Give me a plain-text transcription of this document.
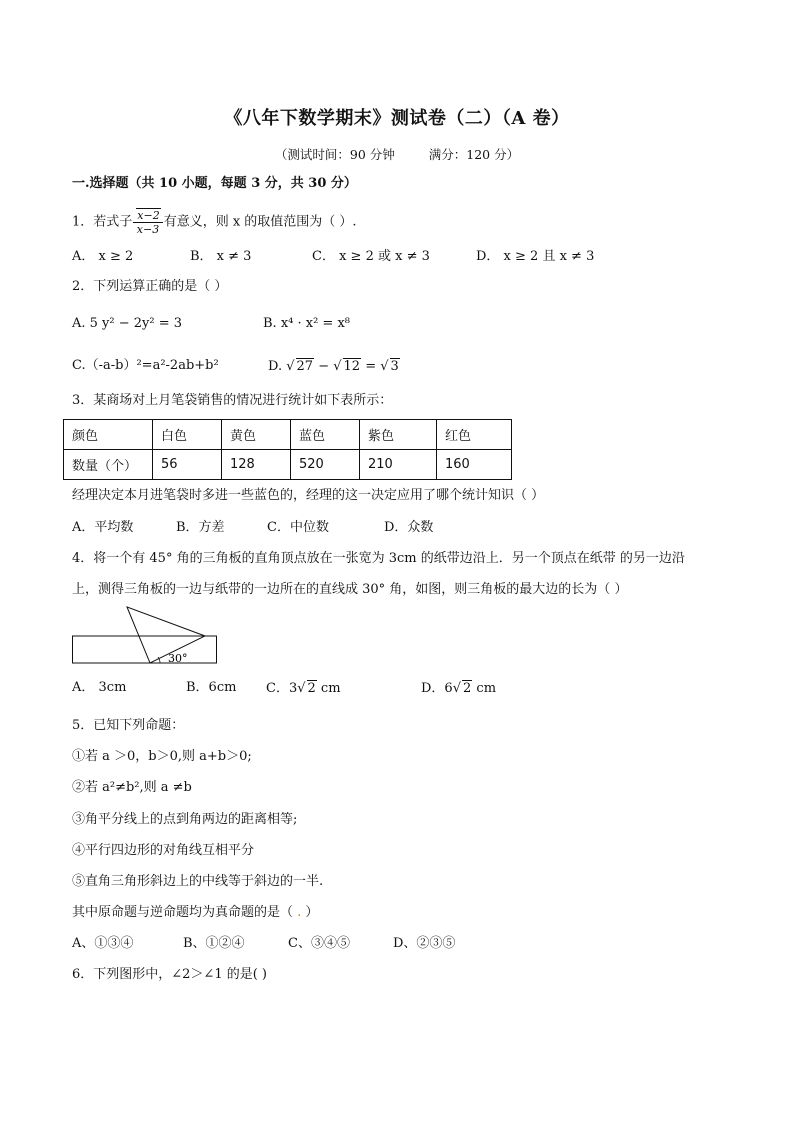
《八年下数学期末》测试卷（二）（A 卷）
（测试时间：90 分钟	满分：120 分）
一.选择题（共 10 小题，每题 3 分，共 30 分）
1．若式子 $\frac{x-2}{x-3}$ 有意义，则 x 的取值范围为（ ）.
A． x ≥ 2	B． x ≠ 3	C． x ≥ 2 或 x ≠ 3	D． x ≥ 2 且 x ≠ 3
2．下列运算正确的是（ ）
A. 5 y² − 2y² = 3	B. x⁴ · x² = x⁸
C.（-a-b）²=a²-2ab+b²	D. √ 27 − √ 12 = √ 3
3．某商场对上月笔袋销售的情况进行统计如下表所示：
颜色	白色	黄色	蓝色	紫色	红色
数量（个）	56	128	520	210	160
经理决定本月进笔袋时多进一些蓝色的，经理的这一决定应用了哪个统计知识（ ）
A．平均数	B．方差	C．中位数	D．众数
4．将一个有 45° 角的三角板的直角顶点放在一张宽为 3cm 的纸带边沿上．另一个顶点在纸带 的另一边沿
上，测得三角板的一边与纸带的一边所在的直线成 30° 角，如图，则三角板的最大边的长为（ ）
30°
A． 3cm	B．6cm C．3√ 2 cm	D．6√ 2 cm
5．已知下列命题：
①若 a ＞0，b＞0,则 a+b＞0;
②若 a²≠b²,则 a ≠b
③角平分线上的点到角两边的距离相等;
④平行四边形的对角线互相平分
⑤直角三角形斜边上的中线等于斜边的一半.
其中原命题与逆命题均为真命题的是（ . ）
A、①③④	B、①②④	C、③④⑤	D、②③⑤
6．下列图形中，∠2＞∠1 的是( )
